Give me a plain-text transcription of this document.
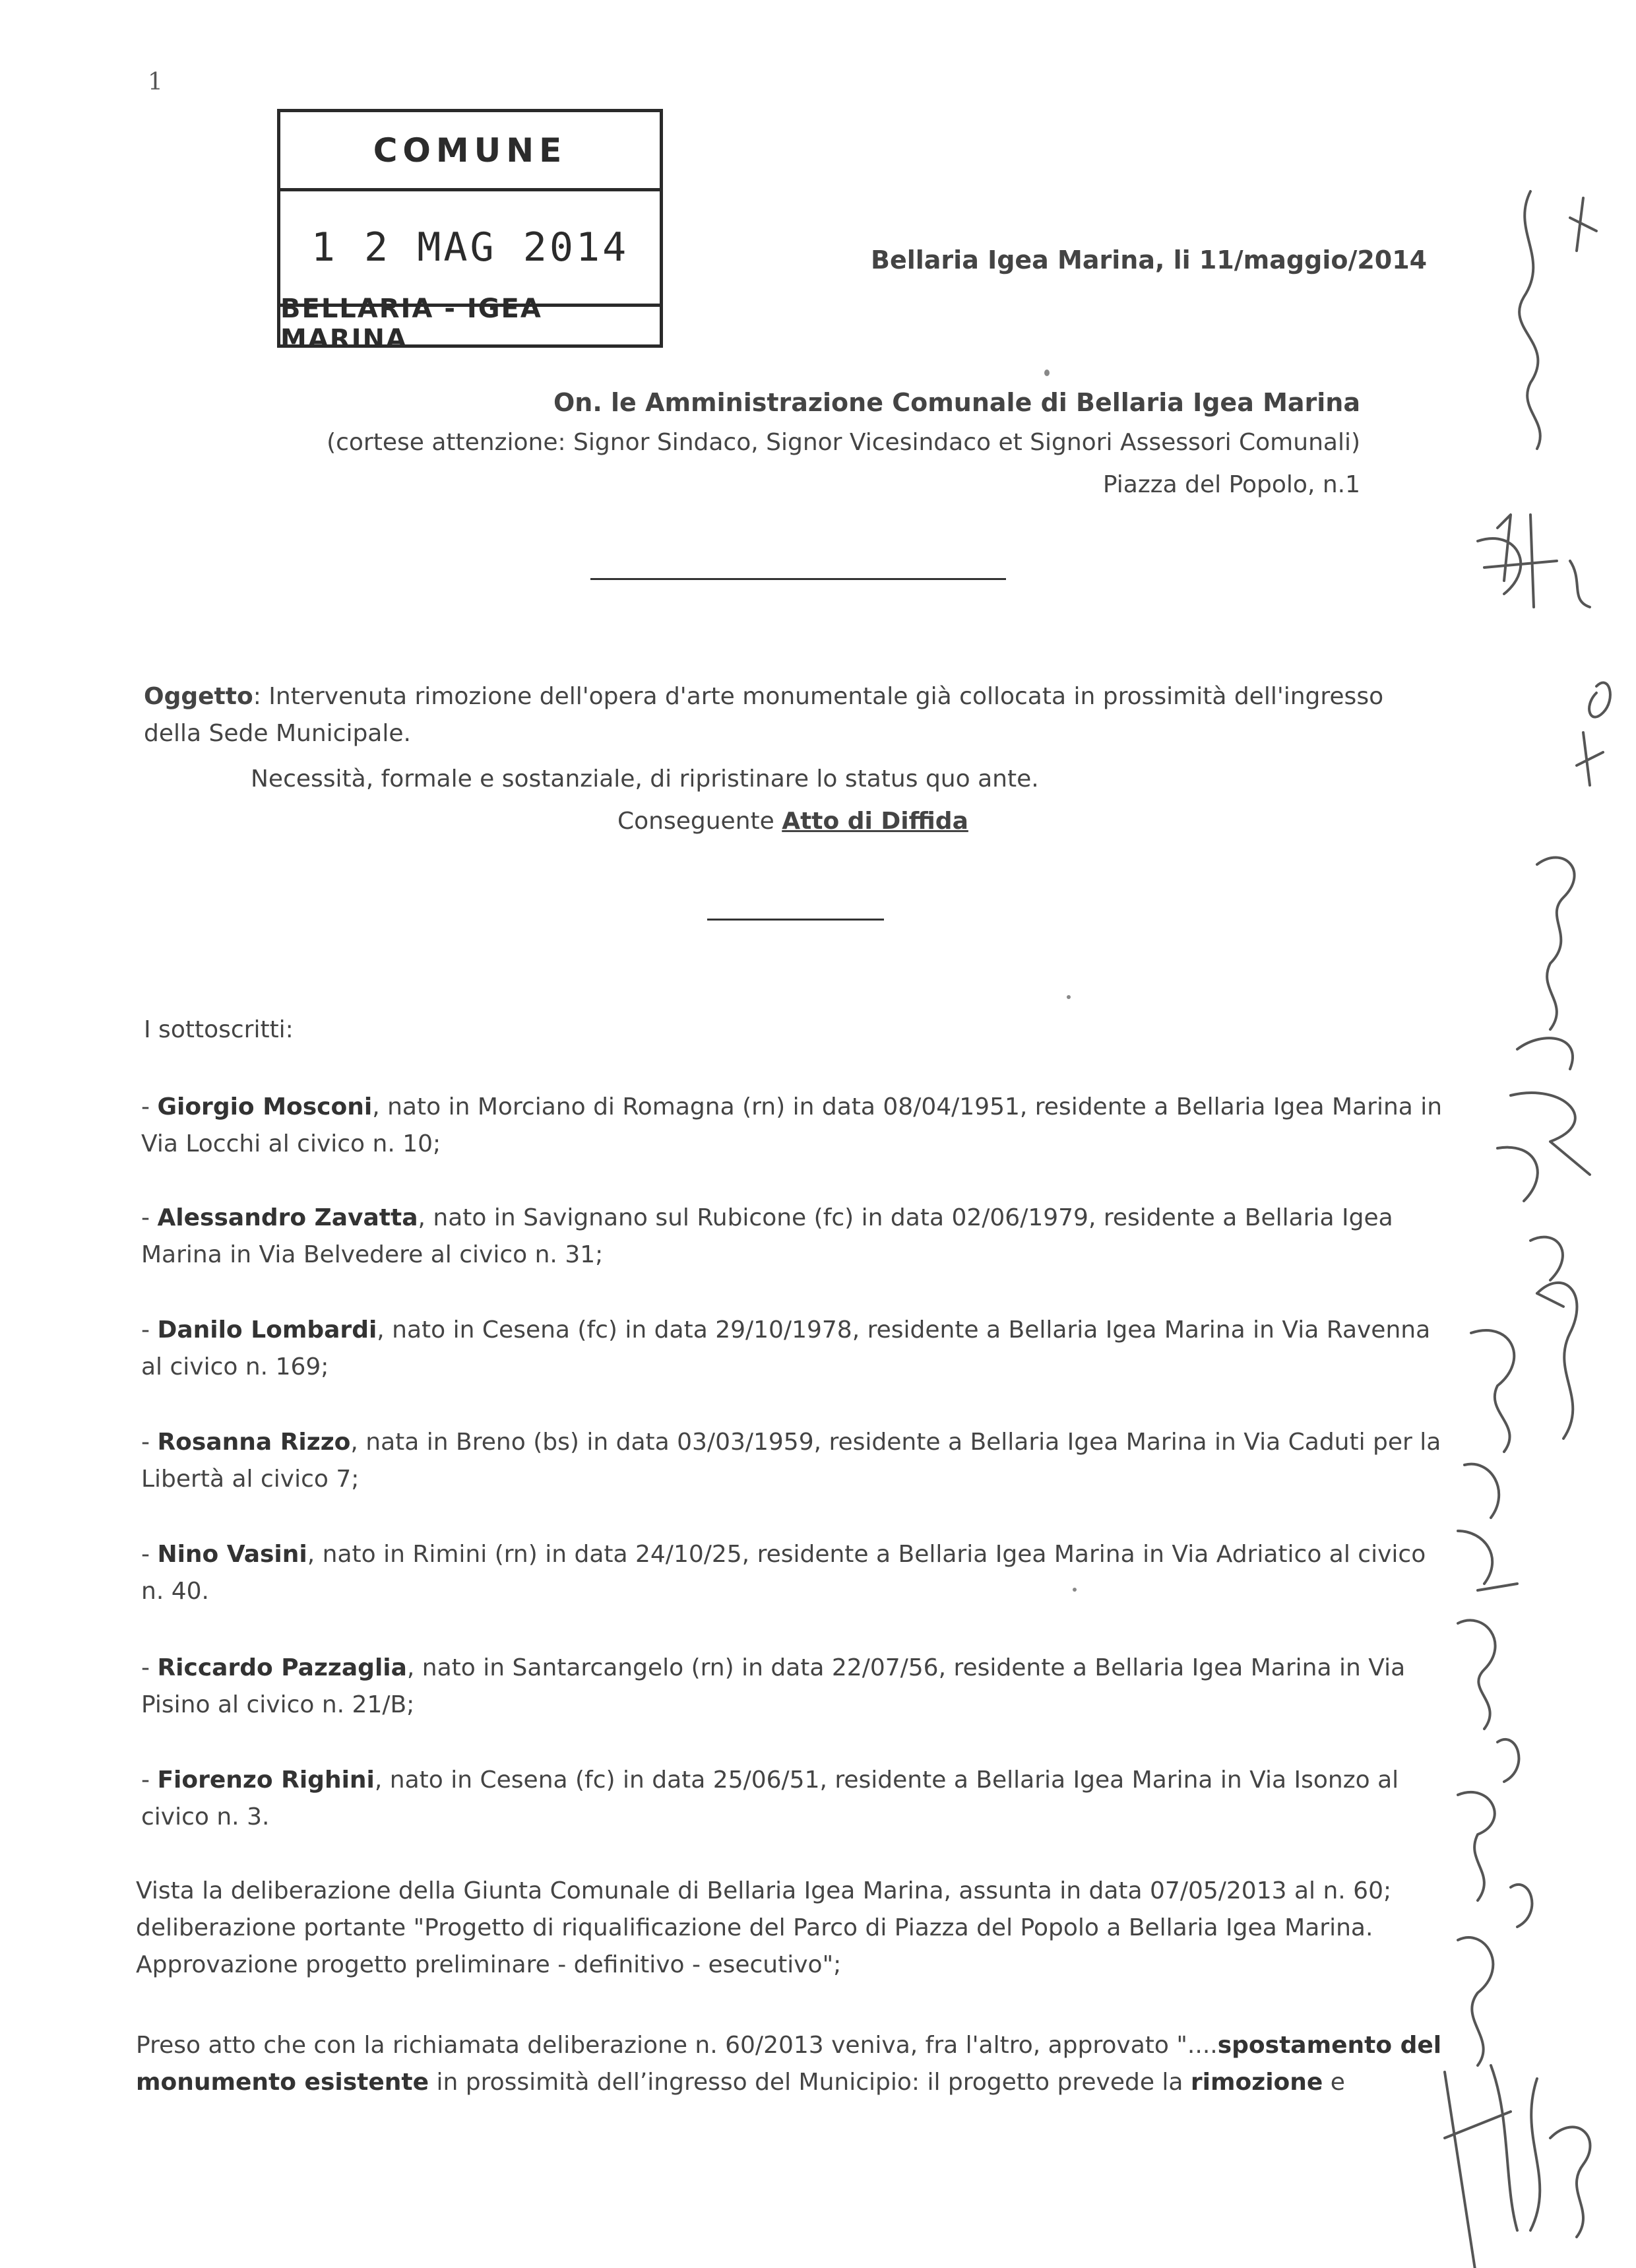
1
COMUNE
1 2 MAG 2014
BELLARIA - IGEA MARINA
Bellaria Igea Marina, li 11/maggio/2014
On. le Amministrazione Comunale di Bellaria Igea Marina
(cortese attenzione: Signor Sindaco, Signor Vicesindaco et Signori Assessori Comunali)
Piazza del Popolo, n.1
Oggetto: Intervenuta rimozione dell'opera d'arte monumentale già collocata in prossimità dell'ingresso della Sede Municipale.
Necessità, formale e sostanziale, di ripristinare lo status quo ante.
Conseguente Atto di Diffida
I sottoscritti:
- Giorgio Mosconi, nato in Morciano di Romagna (rn) in data 08/04/1951, residente a Bellaria Igea Marina in Via Locchi al civico n. 10;
- Alessandro Zavatta, nato in Savignano sul Rubicone (fc) in data 02/06/1979, residente a Bellaria Igea Marina in Via Belvedere al civico n. 31;
- Danilo Lombardi, nato in Cesena (fc) in data 29/10/1978, residente a Bellaria Igea Marina in Via Ravenna al civico n. 169;
- Rosanna Rizzo, nata in Breno (bs) in data 03/03/1959, residente a Bellaria Igea Marina in Via Caduti per la Libertà al civico 7;
- Nino Vasini, nato in Rimini (rn) in data 24/10/25, residente a Bellaria Igea Marina in Via Adriatico al civico n. 40.
- Riccardo Pazzaglia, nato in Santarcangelo (rn) in data 22/07/56, residente a Bellaria Igea Marina in Via Pisino al civico n. 21/B;
- Fiorenzo Righini, nato in Cesena (fc) in data 25/06/51, residente a Bellaria Igea Marina in Via Isonzo al civico n. 3.
Vista la deliberazione della Giunta Comunale di Bellaria Igea Marina, assunta in data 07/05/2013 al n. 60; deliberazione portante "Progetto di riqualificazione del Parco di Piazza del Popolo a Bellaria Igea Marina. Approvazione progetto preliminare - definitivo - esecutivo";
Preso atto che con la richiamata deliberazione n. 60/2013 veniva, fra l'altro, approvato "....spostamento del monumento esistente in prossimità dell’ingresso del Municipio: il progetto prevede la rimozione e
